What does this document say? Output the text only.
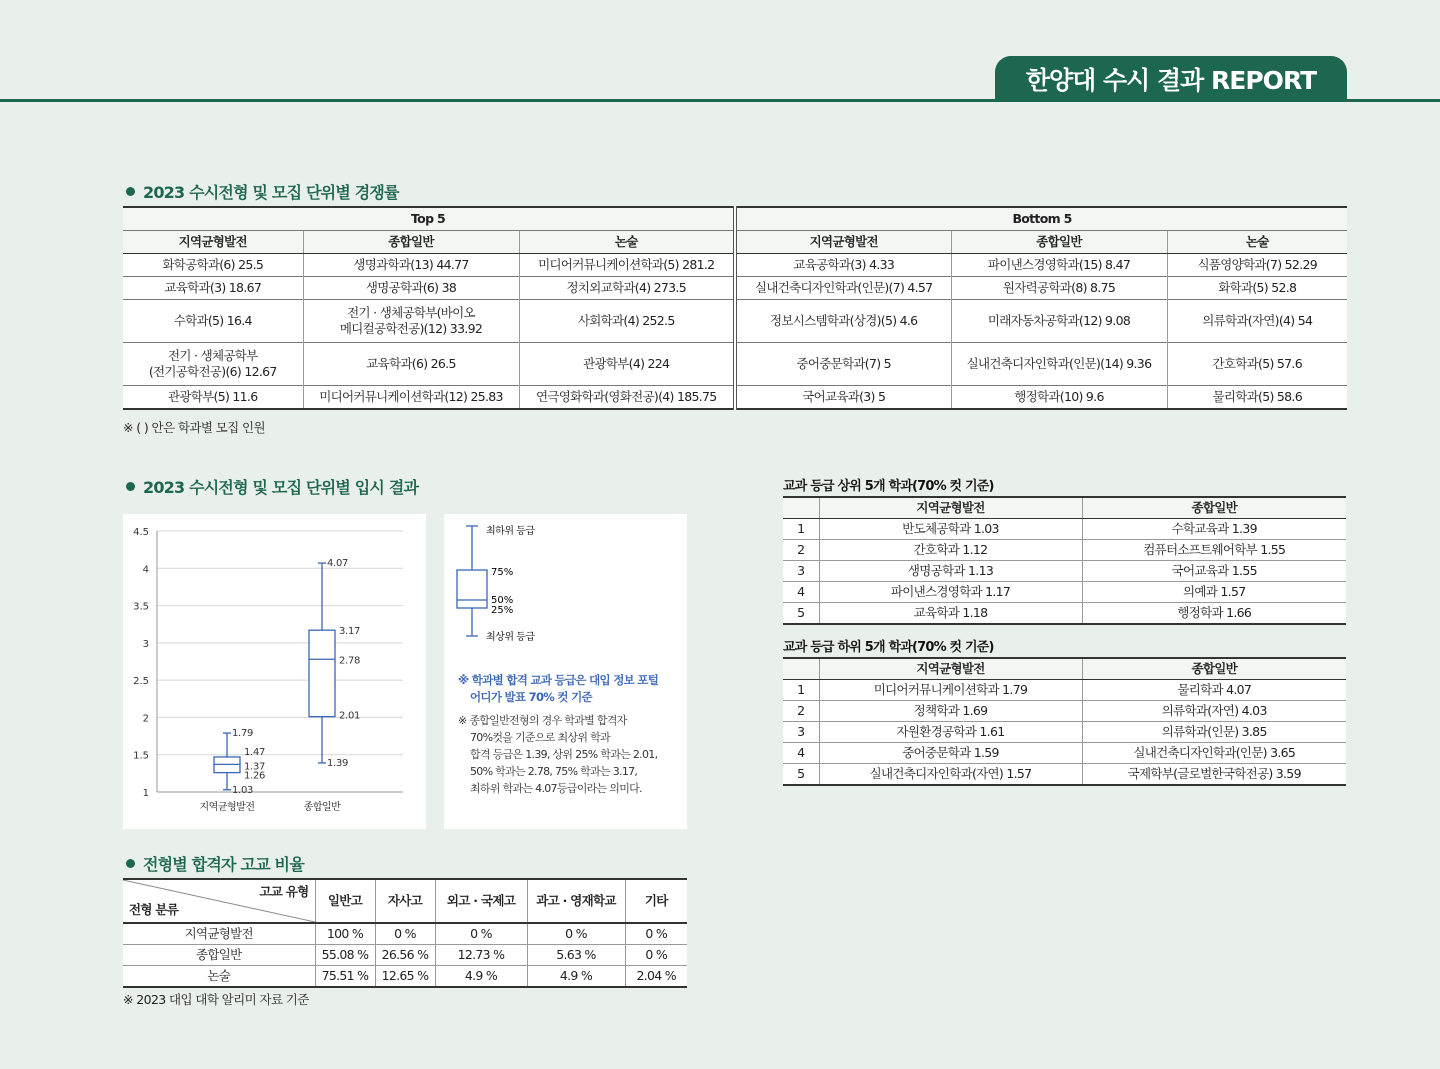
한양대 수시 결과 REPORT
2023 수시전형 및 모집 단위별 경쟁률
Top 5			Bottom 5		
지역균형발전	종합일반	논술	지역균형발전	종합일반	논술
화학공학과(6) 25.5	생명과학과(13) 44.77	미디어커뮤니케이션학과(5) 281.2	교육공학과(3) 4.33	파이낸스경영학과(15) 8.47	식품영양학과(7) 52.29
교육학과(3) 18.67	생명공학과(6) 38	정치외교학과(4) 273.5	실내건축디자인학과(인문)(7) 4.57	원자력공학과(8) 8.75	화학과(5) 52.8
수학과(5) 16.4	전기 · 생체공학부(바이오
메디컬공학전공)(12) 33.92	사회학과(4) 252.5	정보시스템학과(상경)(5) 4.6	미래자동차공학과(12) 9.08	의류학과(자연)(4) 54
전기 · 생체공학부
(전기공학전공)(6) 12.67	교육학과(6) 26.5	관광학부(4) 224	중어중문학과(7) 5	실내건축디자인학과(인문)(14) 9.36	간호학과(5) 57.6
관광학부(5) 11.6	미디어커뮤니케이션학과(12) 25.83	연극영화학과(영화전공)(4) 185.75	국어교육과(3) 5	행정학과(10) 9.6	물리학과(5) 58.6
※ ( ) 안은 학과별 모집 인원
2023 수시전형 및 모집 단위별 입시 결과
1
1.5
2
2.5
3
3.5
4
4.5
1.79
1.47
1.37
1.26
1.03
지역균형발전
4.07
3.17
2.78
2.01
1.39
종합일반
최하위 등급
75%
50%
25%
최상위 등급
※ 학과별 합격 교과 등급은 대입 정보 포털
어디가 발표 70% 컷 기준
※ 종합일반전형의 경우 학과별 합격자
70%컷을 기준으로 최상위 학과
합격 등급은 1.39, 상위 25% 학과는 2.01,
50% 학과는 2.78, 75% 학과는 3.17,
최하위 학과는 4.07등급이라는 의미다.
교과 등급 상위 5개 학과(70% 컷 기준)
	지역균형발전	종합일반
1	반도체공학과 1.03	수학교육과 1.39
2	간호학과 1.12	컴퓨터소프트웨어학부 1.55
3	생명공학과 1.13	국어교육과 1.55
4	파이낸스경영학과 1.17	의예과 1.57
5	교육학과 1.18	행정학과 1.66
교과 등급 하위 5개 학과(70% 컷 기준)
	지역균형발전	종합일반
1	미디어커뮤니케이션학과 1.79	물리학과 4.07
2	정책학과 1.69	의류학과(자연) 4.03
3	자원환경공학과 1.61	의류학과(인문) 3.85
4	중어중문학과 1.59	실내건축디자인학과(인문) 3.65
5	실내건축디자인학과(자연) 1.57	국제학부(글로벌한국학전공) 3.59
전형별 합격자 고교 비율
고교 유형
전형 분류	일반고	자사고	외고 · 국제고	과고 · 영재학교	기타
지역균형발전	100 %	0 %	0 %	0 %	0 %
종합일반	55.08 %	26.56 %	12.73 %	5.63 %	0 %
논술	75.51 %	12.65 %	4.9 %	4.9 %	2.04 %
※ 2023 대입 대학 알리미 자료 기준
